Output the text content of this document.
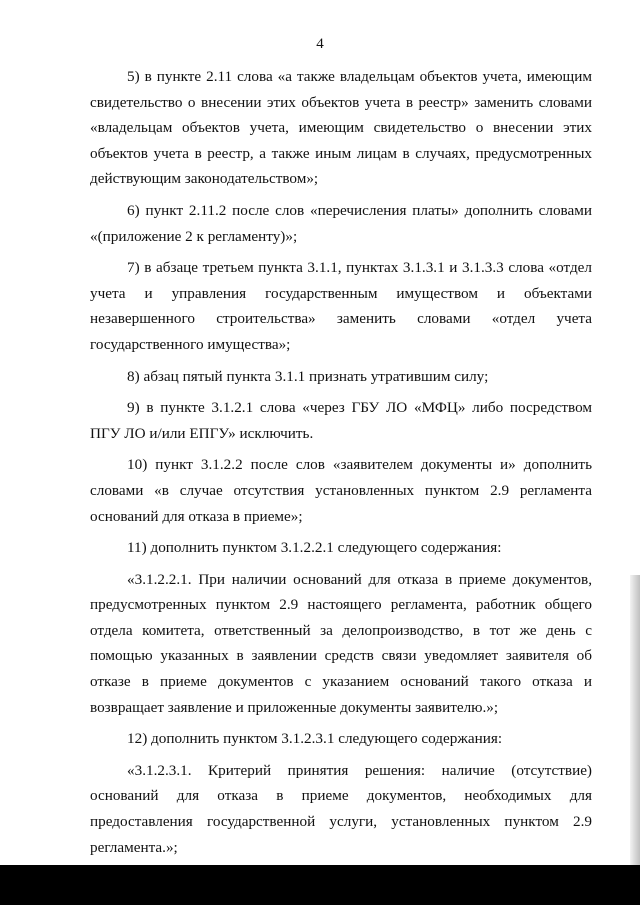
4

5) в пункте 2.11 слова «а также владельцам объектов учета, имеющим свидетельство о внесении этих объектов учета в реестр» заменить словами «владельцам объектов учета, имеющим свидетельство о внесении этих объектов учета в реестр, а также иным лицам в случаях, предусмотренных действующим законодательством»;

6) пункт 2.11.2 после слов «перечисления платы» дополнить словами «(приложение 2 к регламенту)»;

7) в абзаце третьем пункта 3.1.1, пунктах 3.1.3.1 и 3.1.3.3 слова «отдел учета и управления государственным имуществом и объектами незавершенного строительства» заменить словами «отдел учета государственного имущества»;

8) абзац пятый пункта 3.1.1 признать утратившим силу;

9) в пункте 3.1.2.1 слова «через ГБУ ЛО «МФЦ» либо посредством ПГУ ЛО и/или ЕПГУ» исключить.

10) пункт 3.1.2.2 после слов «заявителем документы и» дополнить словами «в случае отсутствия установленных пунктом 2.9 регламента оснований для отказа в приеме»;

11) дополнить пунктом 3.1.2.2.1 следующего содержания:

«3.1.2.2.1. При наличии оснований для отказа в приеме документов, предусмотренных пунктом 2.9 настоящего регламента, работник общего отдела комитета, ответственный за делопроизводство, в тот же день с помощью указанных в заявлении средств связи уведомляет заявителя об отказе в приеме документов с указанием оснований такого отказа и возвращает заявление и приложенные документы заявителю.»;

12) дополнить пунктом 3.1.2.3.1 следующего содержания:

«3.1.2.3.1. Критерий принятия решения: наличие (отсутствие) оснований для отказа в приеме документов, необходимых для предоставления государственной услуги, установленных пунктом 2.9 регламента.»;
